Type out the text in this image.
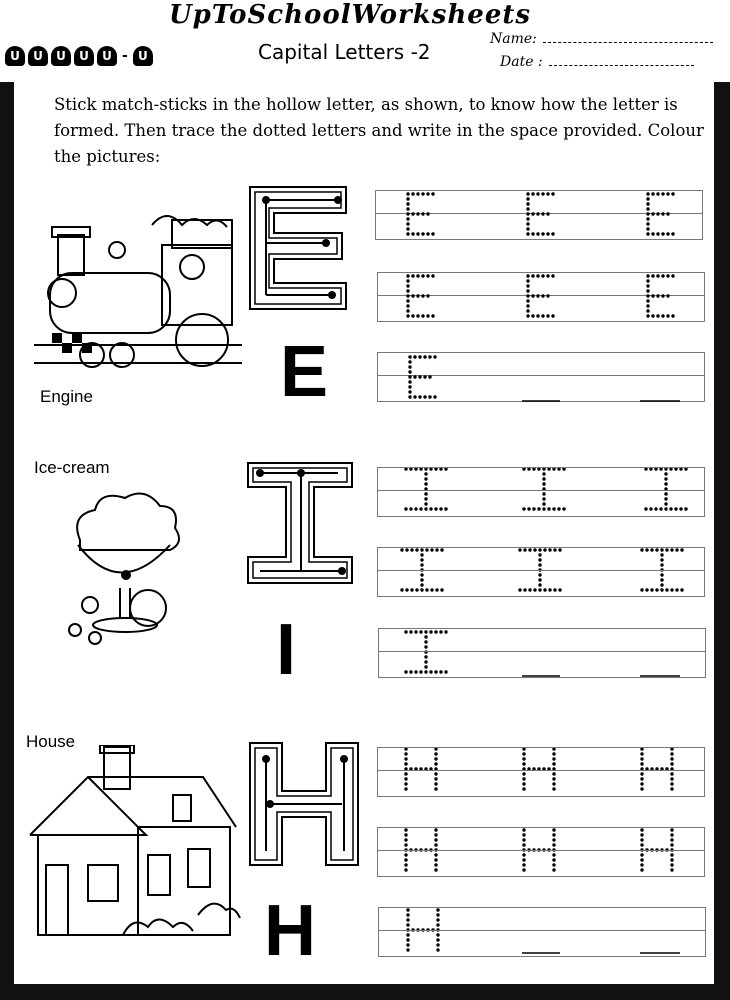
UpToSchoolWorksheets
U	U	U	U	U - U	Capital Letters -2
Name:
Date :
Stick match-sticks in the hollow letter, as shown, to know how the letter is formed. Then trace the dotted letters and write in the space provided. Colour the pictures:
Engine	E
Ice-cream
I
House
H
